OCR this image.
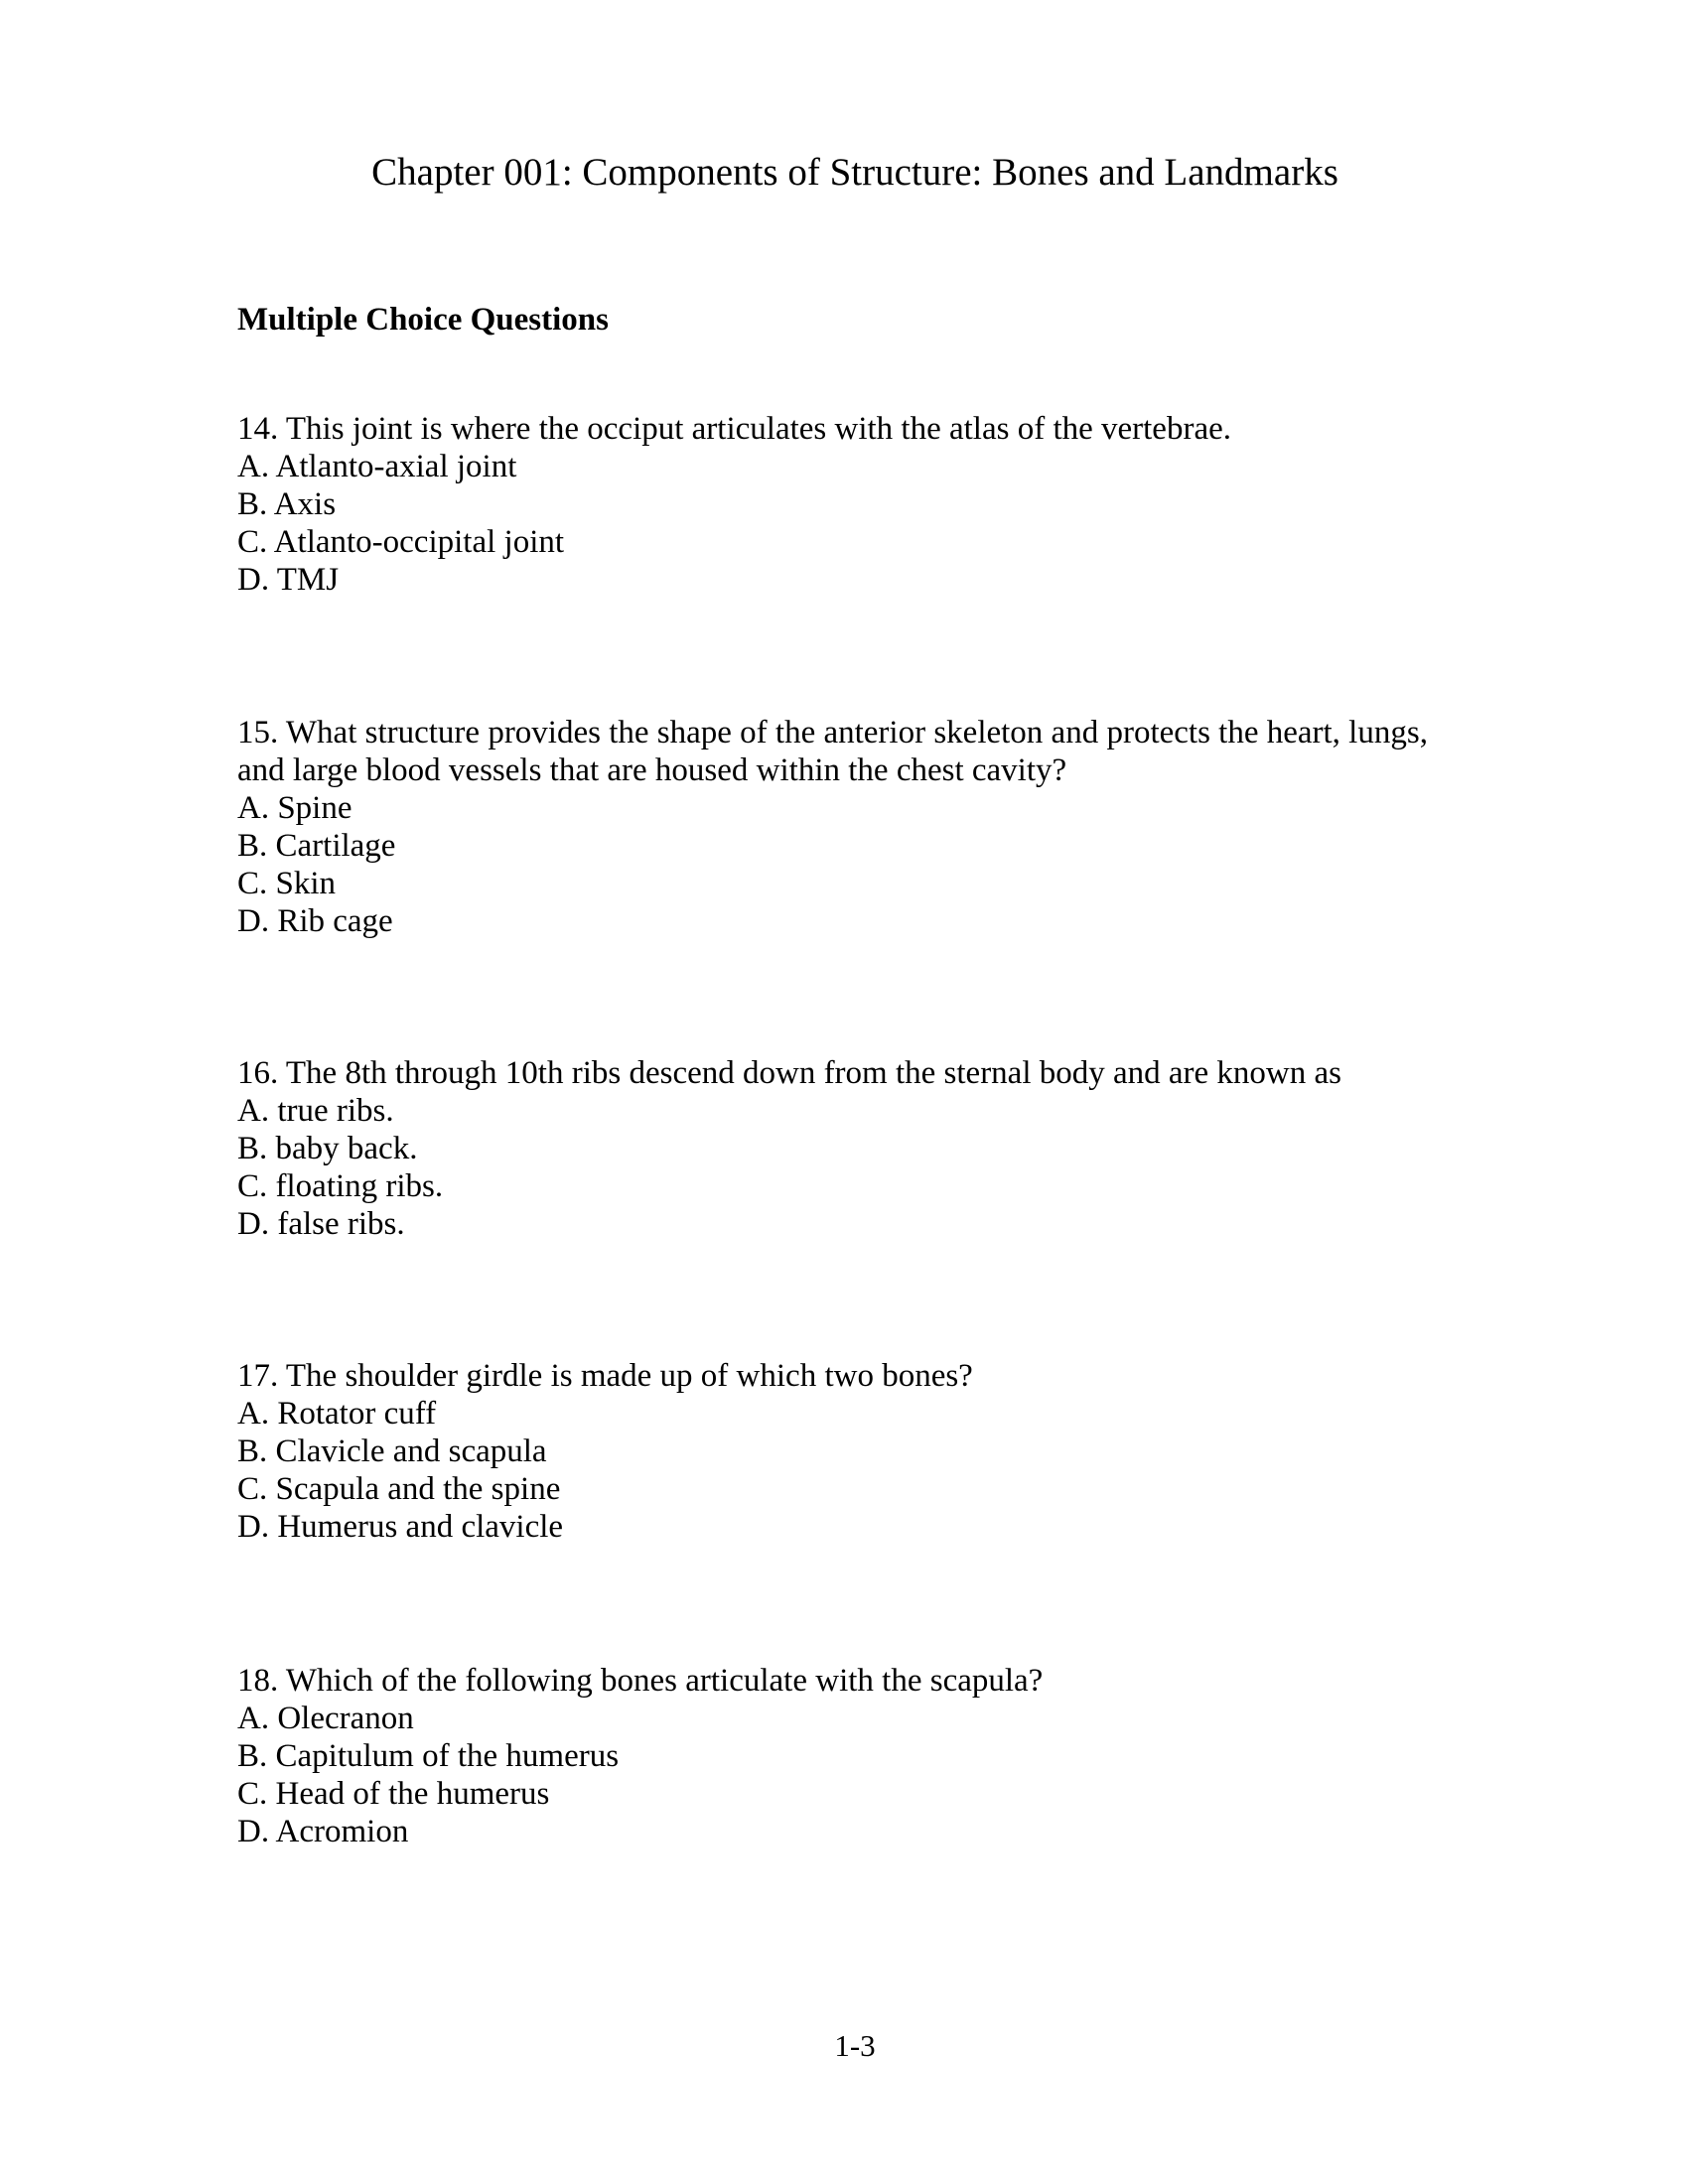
Chapter 001: Components of Structure: Bones and Landmarks
Multiple Choice Questions
14. This joint is where the occiput articulates with the atlas of the vertebrae.
A. Atlanto-axial joint
B. Axis
C. Atlanto-occipital joint
D. TMJ
15. What structure provides the shape of the anterior skeleton and protects the heart, lungs, and large blood vessels that are housed within the chest cavity?
A. Spine
B. Cartilage
C. Skin
D. Rib cage
16. The 8th through 10th ribs descend down from the sternal body and are known as
A. true ribs.
B. baby back.
C. floating ribs.
D. false ribs.
17. The shoulder girdle is made up of which two bones?
A. Rotator cuff
B. Clavicle and scapula
C. Scapula and the spine
D. Humerus and clavicle
18. Which of the following bones articulate with the scapula?
A. Olecranon
B. Capitulum of the humerus
C. Head of the humerus
D. Acromion
1-3
